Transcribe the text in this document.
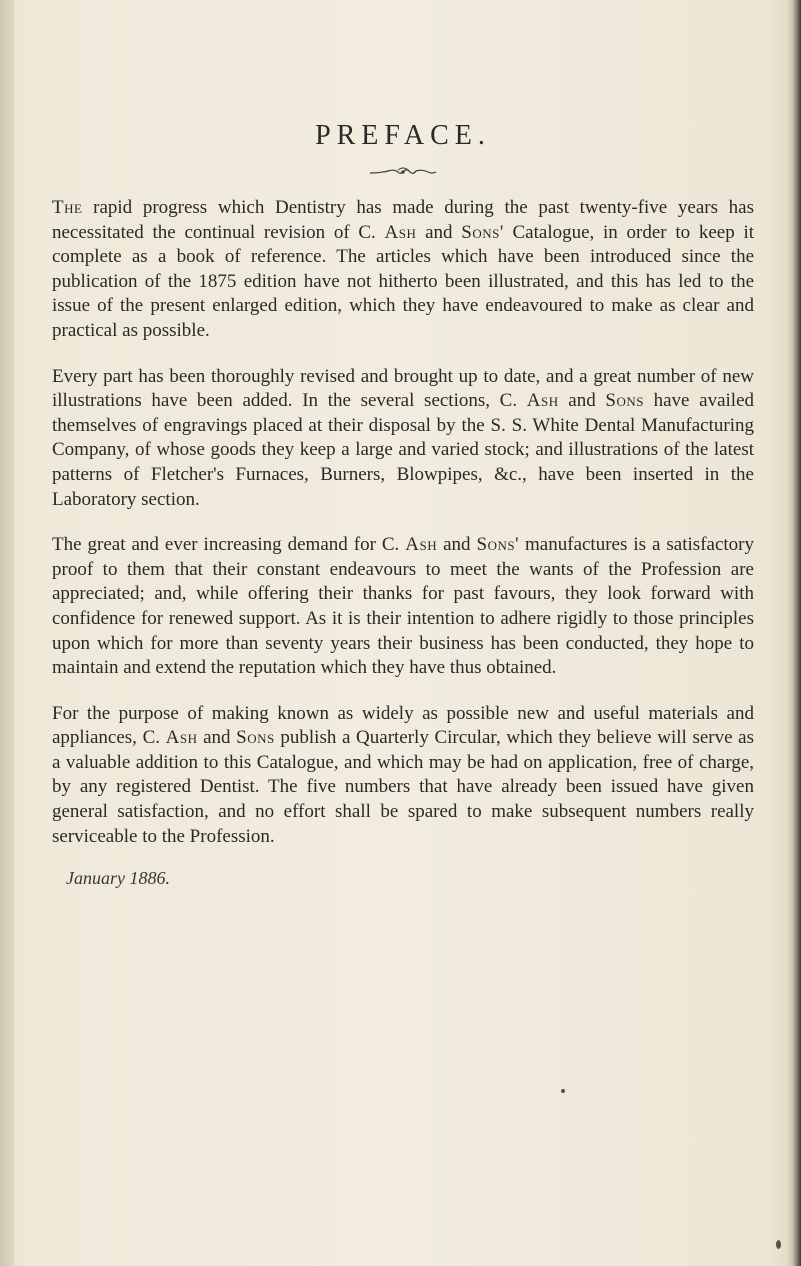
PREFACE.

The rapid progress which Dentistry has made during the past twenty-five years has necessitated the continual revision of C. Ash and Sons' Catalogue, in order to keep it complete as a book of reference. The articles which have been introduced since the publication of the 1875 edition have not hitherto been illustrated, and this has led to the issue of the present enlarged edition, which they have endeavoured to make as clear and practical as possible.

Every part has been thoroughly revised and brought up to date, and a great number of new illustrations have been added. In the several sections, C. Ash and Sons have availed themselves of engravings placed at their disposal by the S. S. White Dental Manufacturing Company, of whose goods they keep a large and varied stock; and illustrations of the latest patterns of Fletcher's Furnaces, Burners, Blowpipes, &c., have been inserted in the Laboratory section.

The great and ever increasing demand for C. Ash and Sons' manufactures is a satisfactory proof to them that their constant endeavours to meet the wants of the Profession are appreciated; and, while offering their thanks for past favours, they look forward with confidence for renewed support. As it is their intention to adhere rigidly to those principles upon which for more than seventy years their business has been conducted, they hope to maintain and extend the reputation which they have thus obtained.

For the purpose of making known as widely as possible new and useful materials and appliances, C. Ash and Sons publish a Quarterly Circular, which they believe will serve as a valuable addition to this Catalogue, and which may be had on application, free of charge, by any registered Dentist. The five numbers that have already been issued have given general satisfaction, and no effort shall be spared to make subsequent numbers really serviceable to the Profession.

January 1886.
